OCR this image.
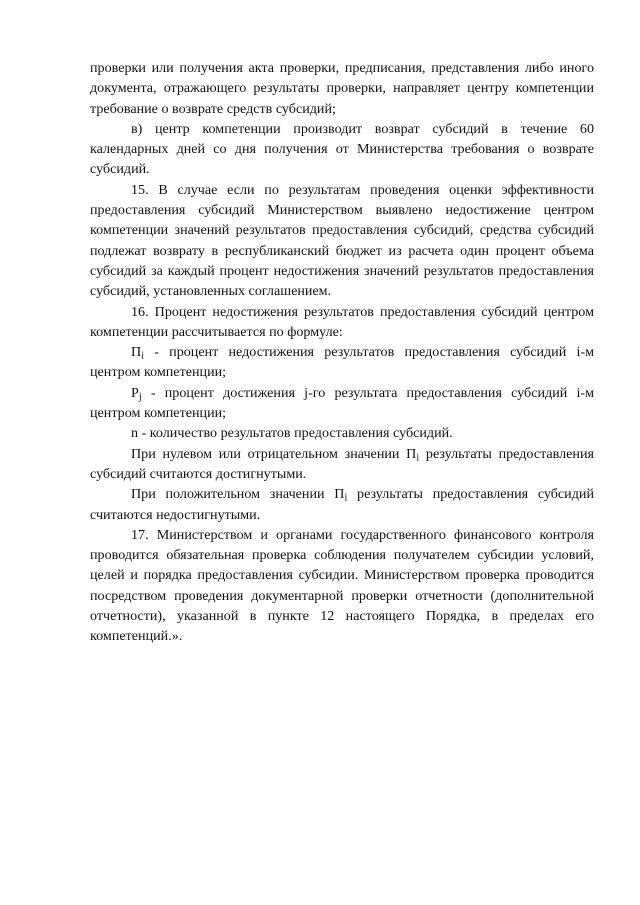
проверки или получения акта проверки, предписания, представления либо иного документа, отражающего результаты проверки, направляет центру компетенции требование о возврате средств субсидий;

в) центр компетенции производит возврат субсидий в течение 60 календарных дней со дня получения от Министерства требования о возврате субсидий.

15. В случае если по результатам проведения оценки эффективности предоставления субсидий Министерством выявлено недостижение центром компетенции значений результатов предоставления субсидий, средства субсидий подлежат возврату в республиканский бюджет из расчета один процент объема субсидий за каждый процент недостижения значений результатов предоставления субсидий, установленных соглашением.

16. Процент недостижения результатов предоставления субсидий центром компетенции рассчитывается по формуле:

$П_i$ - процент недостижения результатов предоставления субсидий i-м центром компетенции;

$P_j$ - процент достижения j-го результата предоставления субсидий i-м центром компетенции;

n - количество результатов предоставления субсидий.

При нулевом или отрицательном значении $П_i$ результаты предоставления субсидий считаются достигнутыми.

При положительном значении $П_i$ результаты предоставления субсидий считаются недостигнутыми.

17. Министерством и органами государственного финансового контроля проводится обязательная проверка соблюдения получателем субсидии условий, целей и порядка предоставления субсидии. Министерством проверка проводится посредством проведения документарной проверки отчетности (дополнительной отчетности), указанной в пункте 12 настоящего Порядка, в пределах его компетенций.».
